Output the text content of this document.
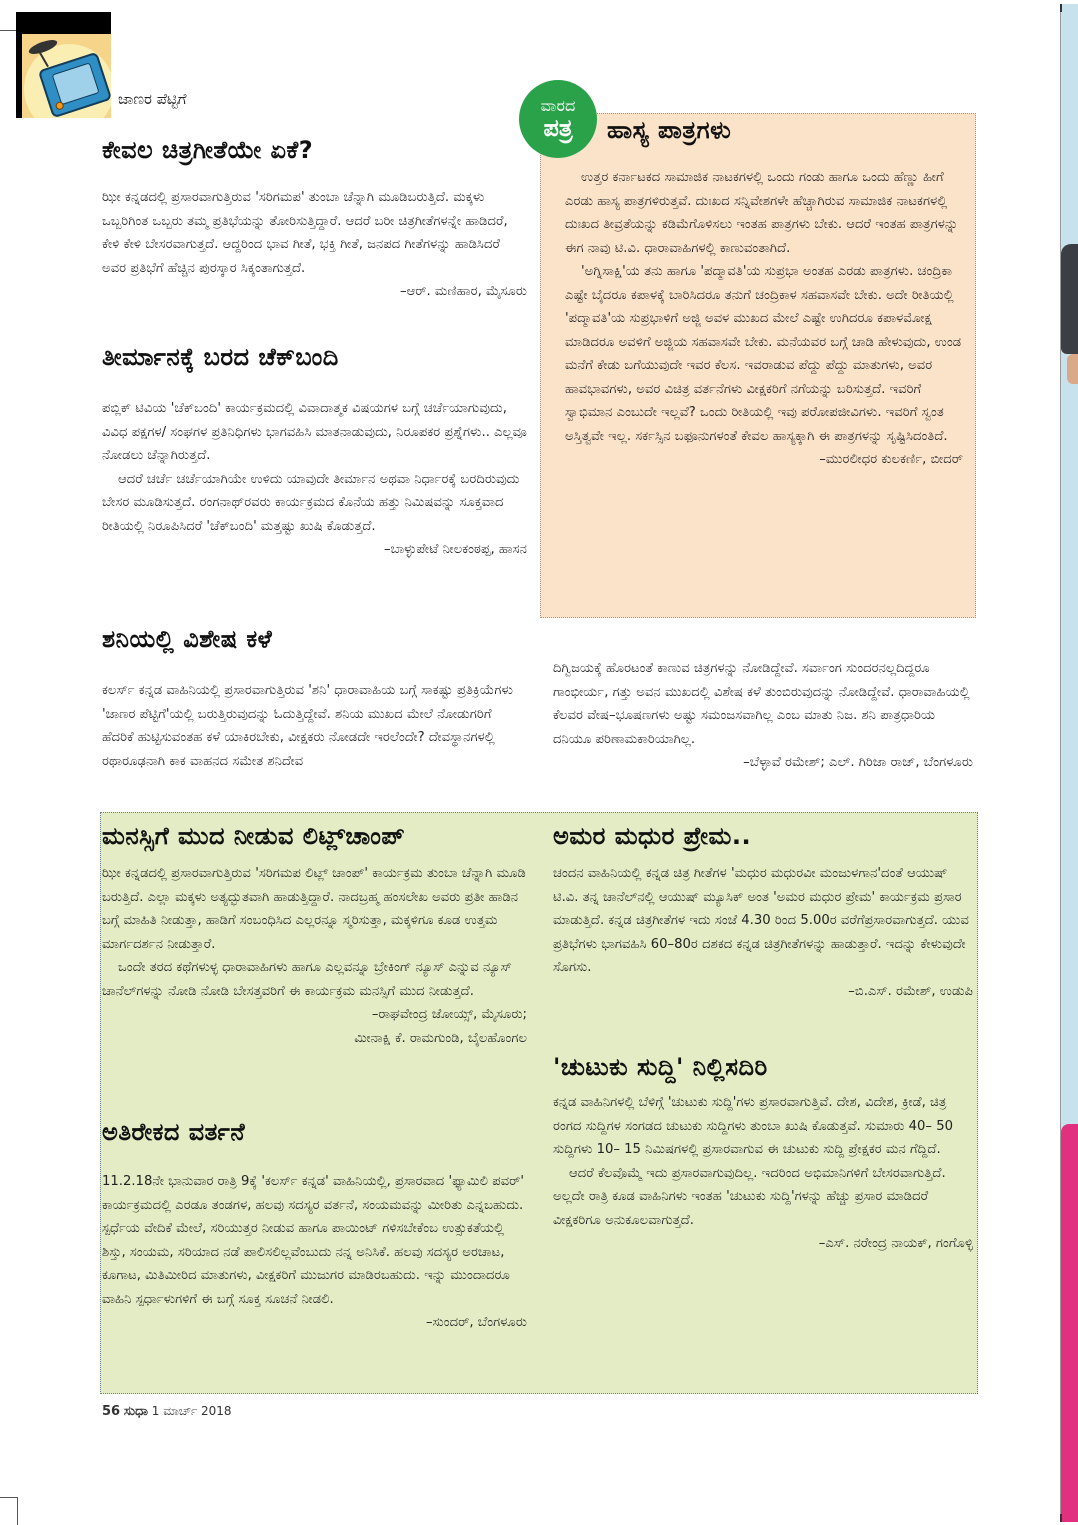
ಜಾಣರ ಪೆಟ್ಟಿಗೆ
ಕೇವಲ ಚಿತ್ರಗೀತೆಯೇ ಏಕೆ?

ಝೀ ಕನ್ನಡದಲ್ಲಿ ಪ್ರಸಾರವಾಗುತ್ತಿರುವ 'ಸರಿಗಮಪ' ತುಂಬಾ ಚೆನ್ನಾಗಿ ಮೂಡಿಬರುತ್ತಿದೆ. ಮಕ್ಕಳು ಒಬ್ಬರಿಗಿಂತ ಒಬ್ಬರು ತಮ್ಮ ಪ್ರತಿಭೆಯನ್ನು ತೋರಿಸುತ್ತಿದ್ದಾರೆ. ಆದರೆ ಬರೀ ಚಿತ್ರಗೀತೆಗಳನ್ನೇ ಹಾಡಿದರೆ, ಕೇಳಿ ಕೇಳಿ ಬೇಸರವಾಗುತ್ತದೆ. ಆದ್ದರಿಂದ ಭಾವ ಗೀತೆ, ಭಕ್ತಿ ಗೀತೆ, ಜನಪದ ಗೀತೆಗಳನ್ನು ಹಾಡಿಸಿದರೆ ಅವರ ಪ್ರತಿಭೆಗೆ ಹೆಚ್ಚಿನ ಪುರಸ್ಕಾರ ಸಿಕ್ಕಂತಾಗುತ್ತದೆ.

–ಆರ್. ಮಣಿಹಾರ, ಮೈಸೂರು
ತೀರ್ಮಾನಕ್ಕೆ ಬರದ ಚೆಕ್‌ಬಂದಿ

ಪಬ್ಲಿಕ್ ಟಿವಿಯ 'ಚೆಕ್‌ಬಂದಿ' ಕಾರ್ಯಕ್ರಮದಲ್ಲಿ ವಿವಾದಾತ್ಮಕ ವಿಷಯಗಳ ಬಗ್ಗೆ ಚರ್ಚೆಯಾಗುವುದು, ವಿವಿಧ ಪಕ್ಷಗಳ/ ಸಂಘಗಳ ಪ್ರತಿನಿಧಿಗಳು ಭಾಗವಹಿಸಿ ಮಾತನಾಡುವುದು, ನಿರೂಪಕರ ಪ್ರಶ್ನೆಗಳು.. ಎಲ್ಲವೂ ನೋಡಲು ಚೆನ್ನಾಗಿರುತ್ತದೆ.

ಆದರೆ ಚರ್ಚೆ ಚರ್ಚೆಯಾಗಿಯೇ ಉಳಿದು ಯಾವುದೇ ತೀರ್ಮಾನ ಅಥವಾ ನಿರ್ಧಾರಕ್ಕೆ ಬರದಿರುವುದು ಬೇಸರ ಮೂಡಿಸುತ್ತದೆ. ರಂಗನಾಥ್‌ರವರು ಕಾರ್ಯಕ್ರಮದ ಕೊನೆಯ ಹತ್ತು ನಿಮಿಷವನ್ನು ಸೂಕ್ತವಾದ ರೀತಿಯಲ್ಲಿ ನಿರೂಪಿಸಿದರೆ 'ಚೆಕ್‌ಬಂದಿ' ಮತ್ತಷ್ಟು ಖುಷಿ ಕೊಡುತ್ತದೆ.

–ಬಾಳ್ಳುಪೇಟೆ ನೀಲಕಂಠಪ್ಪ, ಹಾಸನ
ಶನಿಯಲ್ಲಿ ವಿಶೇಷ ಕಳೆ

ಕಲರ್ಸ್ ಕನ್ನಡ ವಾಹಿನಿಯಲ್ಲಿ ಪ್ರಸಾರವಾಗುತ್ತಿರುವ 'ಶನಿ' ಧಾರಾವಾಹಿಯ ಬಗ್ಗೆ ಸಾಕಷ್ಟು ಪ್ರತಿಕ್ರಿಯೆಗಳು 'ಜಾಣರ ಪೆಟ್ಟಿಗೆ'ಯಲ್ಲಿ ಬರುತ್ತಿರುವುದನ್ನು ಓದುತ್ತಿದ್ದೇವೆ. ಶನಿಯ ಮುಖದ ಮೇಲೆ ನೋಡುಗರಿಗೆ ಹೆದರಿಕೆ ಹುಟ್ಟಿಸುವಂತಹ ಕಳೆ ಯಾಕಿರಬೇಕು, ವೀಕ್ಷಕರು ನೋಡದೇ ಇರಲೆಂದೇ? ದೇವಸ್ಥಾನಗಳಲ್ಲಿ ರಥಾರೂಢನಾಗಿ ಕಾಕ ವಾಹನದ ಸಮೇತ ಶನಿದೇವ

ವಾರದ
ಪತ್ರ ಹಾಸ್ಯ ಪಾತ್ರಗಳು

ಉತ್ತರ ಕರ್ನಾಟಕದ ಸಾಮಾಜಿಕ ನಾಟಕಗಳಲ್ಲಿ ಒಂದು ಗಂಡು ಹಾಗೂ ಒಂದು ಹೆಣ್ಣು ಹೀಗೆ ಎರಡು ಹಾಸ್ಯ ಪಾತ್ರಗಳಿರುತ್ತವೆ. ದುಃಖದ ಸನ್ನಿವೇಶಗಳೇ ಹೆಚ್ಚಾಗಿರುವ ಸಾಮಾಜಿಕ ನಾಟಕಗಳಲ್ಲಿ ದುಃಖದ ತೀವ್ರತೆಯನ್ನು ಕಡಿಮೆಗೊಳಿಸಲು ಇಂತಹ ಪಾತ್ರಗಳು ಬೇಕು. ಆದರೆ ಇಂತಹ ಪಾತ್ರಗಳನ್ನು ಈಗ ನಾವು ಟಿ.ವಿ. ಧಾರಾವಾಹಿಗಳಲ್ಲಿ ಕಾಣುವಂತಾಗಿದೆ.

'ಅಗ್ನಿಸಾಕ್ಷಿ'ಯ ತನು ಹಾಗೂ 'ಪದ್ಮಾವತಿ'ಯ ಸುಪ್ರಭಾ ಅಂತಹ ಎರಡು ಪಾತ್ರಗಳು. ಚಂದ್ರಿಕಾ ಎಷ್ಟೇ ಬೈದರೂ ಕಪಾಳಕ್ಕೆ ಬಾರಿಸಿದರೂ ತನುಗೆ ಚಂದ್ರಿಕಾಳ ಸಹವಾಸವೇ ಬೇಕು. ಅದೇ ರೀತಿಯಲ್ಲಿ 'ಪದ್ಮಾವತಿ'ಯ ಸುಪ್ರಭಾಳಿಗೆ ಅಜ್ಜಿ ಅವಳ ಮುಖದ ಮೇಲೆ ಎಷ್ಟೇ ಉಗಿದರೂ ಕಪಾಳಮೋಕ್ಷ ಮಾಡಿದರೂ ಅವಳಿಗೆ ಅಜ್ಜಿಯ ಸಹವಾಸವೇ ಬೇಕು. ಮನೆಯವರ ಬಗ್ಗೆ ಚಾಡಿ ಹೇಳುವುದು, ಉಂಡ ಮನೆಗೆ ಕೇಡು ಬಗೆಯುವುದೇ ಇವರ ಕೆಲಸ. ಇವರಾಡುವ ಪೆದ್ದು ಪೆದ್ದು ಮಾತುಗಳು, ಅವರ ಹಾವಭಾವಗಳು, ಅವರ ವಿಚಿತ್ರ ವರ್ತನೆಗಳು ವೀಕ್ಷಕರಿಗೆ ನಗೆಯನ್ನು ಬರಿಸುತ್ತದೆ. ಇವರಿಗೆ ಸ್ವಾಭಿಮಾನ ಎಂಬುದೇ ಇಲ್ಲವೆ? ಒಂದು ರೀತಿಯಲ್ಲಿ ಇವು ಪರೋಪಜೀವಿಗಳು. ಇವರಿಗೆ ಸ್ವಂತ ಅಸ್ತಿತ್ವವೇ ಇಲ್ಲ. ಸರ್ಕಸ್ಸಿನ ಬಫೂನುಗಳಂತೆ ಕೇವಲ ಹಾಸ್ಯಕ್ಕಾಗಿ ಈ ಪಾತ್ರಗಳನ್ನು ಸೃಷ್ಟಿಸಿದಂತಿದೆ.

–ಮುರಲೀಧರ ಕುಲಕರ್ಣಿ, ಬೀದರ್

ದಿಗ್ವಿಜಯಕ್ಕೆ ಹೊರಟಂತೆ ಕಾಣುವ ಚಿತ್ರಗಳನ್ನು ನೋಡಿದ್ದೇವೆ. ಸರ್ವಾಂಗ ಸುಂದರನಲ್ಲದಿದ್ದರೂ ಗಾಂಭೀರ್ಯ, ಗತ್ತು ಅವನ ಮುಖದಲ್ಲಿ ವಿಶೇಷ ಕಳೆ ತುಂಬಿರುವುದನ್ನು ನೋಡಿದ್ದೇವೆ. ಧಾರಾವಾಹಿಯಲ್ಲಿ ಕೆಲವರ ವೇಷ–ಭೂಷಣಗಳು ಅಷ್ಟು ಸಮಂಜಸವಾಗಿಲ್ಲ ಎಂಬ ಮಾತು ನಿಜ. ಶನಿ ಪಾತ್ರಧಾರಿಯ ದನಿಯೂ ಪರಿಣಾಮಕಾರಿಯಾಗಿಲ್ಲ.

–ಬೆಳ್ಳಾವೆ ರಮೇಶ್; ಎಲ್. ಗಿರಿಜಾ ರಾಜ್, ಬೆಂಗಳೂರು
ಮನಸ್ಸಿಗೆ ಮುದ ನೀಡುವ ಲಿಟ್ಲ್‌ಚಾಂಪ್

ಝೀ ಕನ್ನಡದಲ್ಲಿ ಪ್ರಸಾರವಾಗುತ್ತಿರುವ 'ಸರಿಗಮಪ ಲಿಟ್ಲ್ ಚಾಂಪ್' ಕಾರ್ಯಕ್ರಮ ತುಂಬಾ ಚೆನ್ನಾಗಿ ಮೂಡಿ ಬರುತ್ತಿದೆ. ಎಲ್ಲಾ ಮಕ್ಕಳು ಅತ್ಯದ್ಭುತವಾಗಿ ಹಾಡುತ್ತಿದ್ದಾರೆ. ನಾದಬ್ರಹ್ಮ ಹಂಸಲೇಖ ಅವರು ಪ್ರತೀ ಹಾಡಿನ ಬಗ್ಗೆ ಮಾಹಿತಿ ನೀಡುತ್ತಾ, ಹಾಡಿಗೆ ಸಂಬಂಧಿಸಿದ ಎಲ್ಲರನ್ನೂ ಸ್ಮರಿಸುತ್ತಾ, ಮಕ್ಕಳಿಗೂ ಕೂಡ ಉತ್ತಮ ಮಾರ್ಗದರ್ಶನ ನೀಡುತ್ತಾರೆ.

ಒಂದೇ ತರದ ಕಥೆಗಳುಳ್ಳ ಧಾರಾವಾಹಿಗಳು ಹಾಗೂ ಎಲ್ಲವನ್ನೂ ಬ್ರೇಕಿಂಗ್ ನ್ಯೂಸ್ ಎನ್ನುವ ನ್ಯೂಸ್ ಚಾನೆಲ್‌ಗಳನ್ನು ನೋಡಿ ನೋಡಿ ಬೇಸತ್ತವರಿಗೆ ಈ ಕಾರ್ಯಕ್ರಮ ಮನಸ್ಸಿಗೆ ಮುದ ನೀಡುತ್ತದೆ.

–ರಾಘವೇಂದ್ರ ಜೋಯ್ಸ್, ಮೈಸೂರು;
ಮೀನಾಕ್ಷಿ ಕೆ. ರಾಮಗುಂಡಿ, ಬೈಲಹೊಂಗಲ
ಅತಿರೇಕದ ವರ್ತನೆ

11.2.18ನೇ ಭಾನುವಾರ ರಾತ್ರಿ 9ಕ್ಕೆ 'ಕಲರ್ಸ್ ಕನ್ನಡ' ವಾಹಿನಿಯಲ್ಲಿ, ಪ್ರಸಾರವಾದ 'ಫ್ಯಾಮಿಲಿ ಪವರ್' ಕಾರ್ಯಕ್ರಮದಲ್ಲಿ ಎರಡೂ ತಂಡಗಳ, ಹಲವು ಸದಸ್ಯರ ವರ್ತನೆ, ಸಂಯಮವನ್ನು ಮೀರಿತು ಎನ್ನಬಹುದು. ಸ್ಪರ್ಧೆಯ ವೇದಿಕೆ ಮೇಲೆ, ಸರಿಯುತ್ತರ ನೀಡುವ ಹಾಗೂ ಪಾಯಿಂಟ್ ಗಳಿಸಬೇಕೆಂಬ ಉತ್ಸುಕತೆಯಲ್ಲಿ ಶಿಸ್ತು, ಸಂಯಮ, ಸರಿಯಾದ ನಡೆ ಪಾಲಿಸಲಿಲ್ಲವೆಂಬುದು ನನ್ನ ಅನಿಸಿಕೆ. ಹಲವು ಸದಸ್ಯರ ಅರಚಾಟ, ಕೂಗಾಟ, ಮಿತಿಮೀರಿದ ಮಾತುಗಳು, ವೀಕ್ಷಕರಿಗೆ ಮುಜುಗರ ಮಾಡಿರಬಹುದು. ಇನ್ನು ಮುಂದಾದರೂ ವಾಹಿನಿ ಸ್ಪರ್ಧಾಳುಗಳಿಗೆ ಈ ಬಗ್ಗೆ ಸೂಕ್ತ ಸೂಚನೆ ನೀಡಲಿ.

–ಸುಂದರ್, ಬೆಂಗಳೂರು
ಅಮರ ಮಧುರ ಪ್ರೇಮ..

ಚಂದನ ವಾಹಿನಿಯಲ್ಲಿ ಕನ್ನಡ ಚಿತ್ರ ಗೀತೆಗಳ 'ಮಧುರ ಮಧುರವೀ ಮಂಜುಳಗಾನ'ದಂತೆ ಆಯುಷ್ ಟಿ.ವಿ. ತನ್ನ ಚಾನೆಲ್‌ನಲ್ಲಿ ಆಯುಷ್ ಮ್ಯೂಸಿಕ್ ಅಂತ 'ಅಮರ ಮಧುರ ಪ್ರೇಮ' ಕಾರ್ಯಕ್ರಮ ಪ್ರಸಾರ ಮಾಡುತ್ತಿದೆ. ಕನ್ನಡ ಚಿತ್ರಗೀತೆಗಳ ಇದು ಸಂಜೆ 4.30 ರಿಂದ 5.00ರ ವರೆಗೆಪ್ರಸಾರವಾಗುತ್ತದೆ. ಯುವ ಪ್ರತಿಭೆಗಳು ಭಾಗವಹಿಸಿ 60–80ರ ದಶಕದ ಕನ್ನಡ ಚಿತ್ರಗೀತೆಗಳನ್ನು ಹಾಡುತ್ತಾರೆ. ಇದನ್ನು ಕೇಳುವುದೇ ಸೊಗಸು.

–ಬಿ.ಎಸ್. ರಮೇಶ್, ಉಡುಪಿ
'ಚುಟುಕು ಸುದ್ದಿ' ನಿಲ್ಲಿಸದಿರಿ

ಕನ್ನಡ ವಾಹಿನಿಗಳಲ್ಲಿ ಬೆಳಿಗ್ಗೆ 'ಚುಟುಕು ಸುದ್ದಿ'ಗಳು ಪ್ರಸಾರವಾಗುತ್ತಿವೆ. ದೇಶ, ವಿದೇಶ, ಕ್ರೀಡೆ, ಚಿತ್ರ ರಂಗದ ಸುದ್ದಿಗಳ ಸಂಗಡದ ಚುಟುಕು ಸುದ್ದಿಗಳು ತುಂಬಾ ಖುಷಿ ಕೊಡುತ್ತವೆ. ಸುಮಾರು 40– 50 ಸುದ್ದಿಗಳು 10– 15 ನಿಮಿಷಗಳಲ್ಲಿ ಪ್ರಸಾರವಾಗುವ ಈ ಚುಟುಕು ಸುದ್ದಿ ಪ್ರೇಕ್ಷಕರ ಮನ ಗೆದ್ದಿದೆ.

ಆದರೆ ಕೆಲವೊಮ್ಮೆ ಇದು ಪ್ರಸಾರವಾಗುವುದಿಲ್ಲ. ಇದರಿಂದ ಅಭಿಮಾನಿಗಳಿಗೆ ಬೇಸರವಾಗುತ್ತಿದೆ. ಅಲ್ಲದೇ ರಾತ್ರಿ ಕೂಡ ವಾಹಿನಿಗಳು ಇಂತಹ 'ಚುಟುಕು ಸುದ್ದಿ'ಗಳನ್ನು ಹೆಚ್ಚು ಪ್ರಸಾರ ಮಾಡಿದರೆ ವೀಕ್ಷಕರಿಗೂ ಅನುಕೂಲವಾಗುತ್ತದೆ.

–ಎಸ್. ನರೇಂದ್ರ ನಾಯಕ್, ಗಂಗೊಳ್ಳಿ
56 ಸುಧಾ 1 ಮಾರ್ಚ್ 2018
